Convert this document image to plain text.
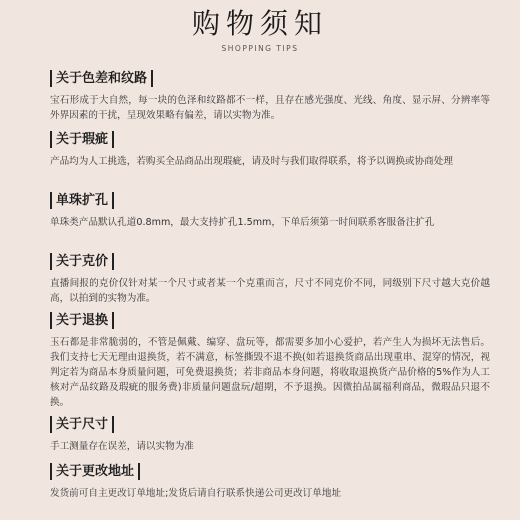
购物须知
SHOPPING TIPS
关于色差和纹路
宝石形成于大自然，每一块的色泽和纹路都不一样，且存在感光强度、光线、角度、显示屏、分辨率等外界因素的干扰，呈现效果略有偏差，请以实物为准。
关于瑕疵
产品均为人工挑选，若购买全品商品出现瑕疵，请及时与我们取得联系，将予以调换或协商处理
单珠扩孔
单珠类产品默认孔道0.8mm，最大支持扩孔1.5mm，下单后须第一时间联系客服备注扩孔
关于克价
直播间报的克价仅针对某一个尺寸或者某一个克重而言，尺寸不同克价不同，同级别下尺寸越大克价越高，以拍到的实物为准。
关于退换
玉石都是非常脆弱的，不管是佩戴、编穿、盘玩等，都需要多加小心爱护，若产生人为损坏无法售后。我们支持七天无理由退换货，若不满意，标签撕毁不退不换(如若退换货商品出现重串、混穿的情况，视判定若为商品本身质量问题，可免费退换货；若非商品本身问题，将收取退换货产品价格的5%作为人工核对产品纹路及瑕疵的服务费)非质量问题盘玩/超期，不予退换。因微拍品属福利商品，微瑕品只退不换。
关于尺寸
手工测量存在误差，请以实物为准
关于更改地址
发货前可自主更改订单地址;发货后请自行联系快递公司更改订单地址
